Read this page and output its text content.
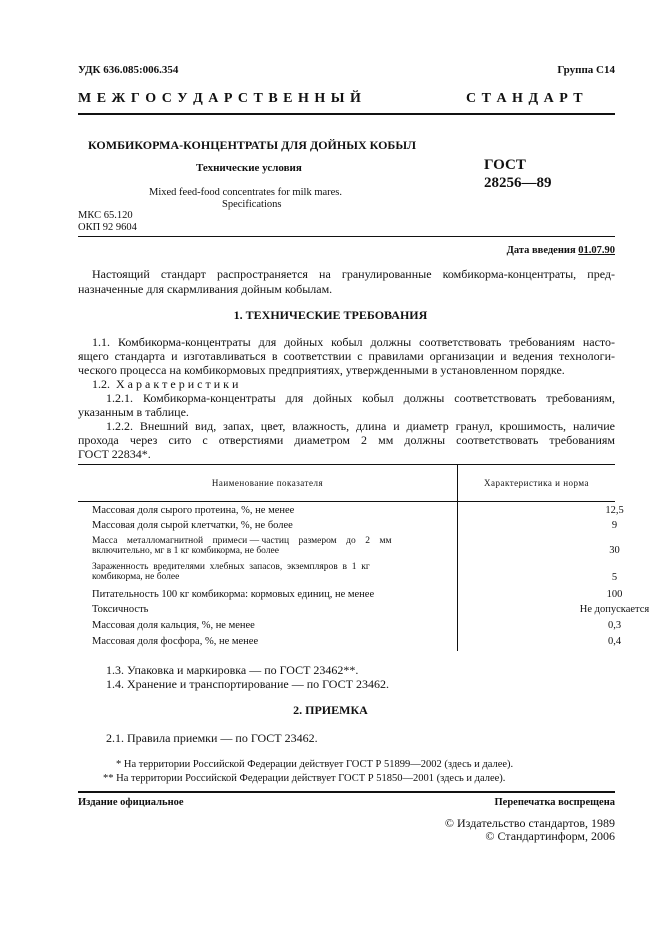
УДК 636.085:006.354	Группа С14
М Е Ж Г О С У Д А Р С Т В Е Н Н Ы Й	С Т А Н Д А Р Т
КОМБИКОРМА-КОНЦЕНТРАТЫ ДЛЯ ДОЙНЫХ КОБЫЛ
Технические условия	ГОСТ
28256—89
Mixed feed-food concentrates for milk mares.
Specifications
МКС 65.120
ОКП 92 9604
Дата введения 01.07.90
Настоящий стандарт распространяется на гранулированные комбикорма-концентраты, пред-
назначенные для скармливания дойным кобылам.
1. ТЕХНИЧЕСКИЕ ТРЕБОВАНИЯ
1.1. Комбикорма-концентраты для дойных кобыл должны соответствовать требованиям насто-
ящего стандарта и изготавливаться в соответствии с правилами организации и ведения технологи-
ческого процесса на комбикормовых предприятиях, утвержденными в установленном порядке.
1.2.  Х а р а к т е р и с т и к и
1.2.1. Комбикорма-концентраты для дойных кобыл должны соответствовать требованиям,
указанным в таблице.
1.2.2. Внешний вид, запах, цвет, влажность, длина и диаметр гранул, крошимость, наличие
прохода  через  сито  с  отверстиями  диаметром  2  мм  должны  соответствовать  требованиям
ГОСТ 22834*.
Наименование показателя	Характеристика и норма
Массовая доля сырого протеина, %, не менее	12,5
Массовая доля сырой клетчатки, %, не более	9
Масса    металломагнитной    примеси — частиц    размером    до    2    мм
включительно, мг в 1 кг комбикорма, не более	30
Зараженность  вредителями  хлебных  запасов,  экземпляров  в  1  кг
комбикорма, не более	5
Питательность 100 кг комбикорма: кормовых единиц, не менее	100
Токсичность	Не допускается
Массовая доля кальция, %, не менее	0,3
Массовая доля фосфора, %, не менее	0,4
1.3. Упаковка и маркировка — по ГОСТ 23462**.
1.4. Хранение и транспортирование — по ГОСТ 23462.
2. ПРИЕМКА
2.1. Правила приемки — по ГОСТ 23462.
* На территории Российской Федерации действует ГОСТ Р 51899—2002 (здесь и далее).
** На территории Российской Федерации действует ГОСТ Р 51850—2001 (здесь и далее).
Издание официальное	Перепечатка воспрещена
© Издательство стандартов, 1989
© Стандартинформ, 2006
